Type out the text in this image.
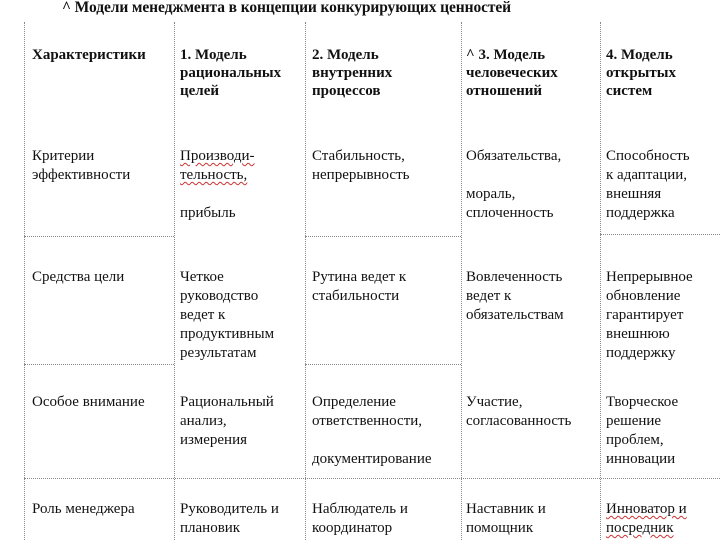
^ Модели менеджмента в концепции конкурирующих ценностей
Характеристики 1. Модель
рациональных
целей
2. Модель
внутренних
процессов
^ 3. Модель
человеческих
отношений
4. Модель
открытых
систем
Критерии
эффективности
Производи-
тельность,
прибыль
Стабильность,
непрерывность
Обязательства,
мораль,
сплоченность
Способность
к адаптации,
внешняя
поддержка
Средства цели	Четкое
руководство
ведет к
продуктивным
результатам
Рутина ведет к
стабильности
Вовлеченность
ведет к
обязательствам
Непрерывное
обновление
гарантирует
внешнюю
поддержку
Особое внимание Рациональный
анализ,
измерения
Определение
ответственности,
документирование
Участие,
согласованность
Творческое
решение
проблем,
инновации
Роль менеджера	Руководитель и
плановик
Наблюдатель и
координатор
Наставник и
помощник
Инноватор и
посредник
